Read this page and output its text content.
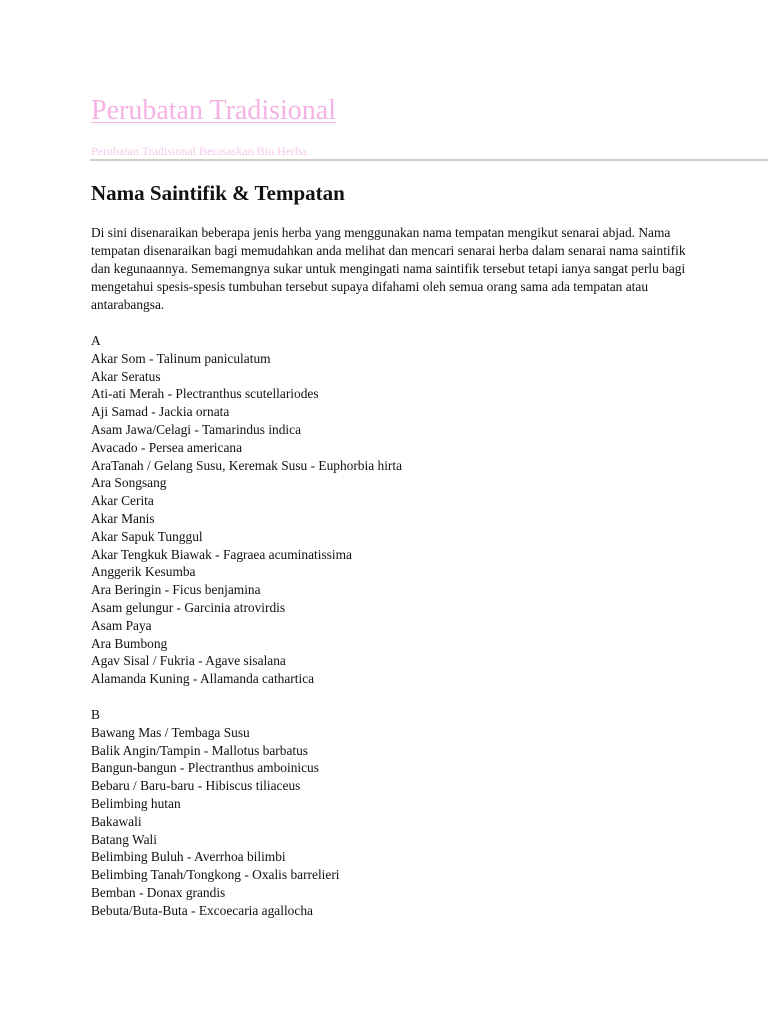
Perubatan Tradisional
Perubatan Tradisional Berasaskan Bio Herba
Nama Saintifik & Tempatan

Di sini disenaraikan beberapa jenis herba yang menggunakan nama tempatan mengikut senarai abjad. Nama tempatan disenaraikan bagi memudahkan anda melihat dan mencari senarai herba dalam senarai nama saintifik dan kegunaannya. Sememangnya sukar untuk mengingati nama saintifik tersebut tetapi ianya sangat perlu bagi mengetahui spesis-spesis tumbuhan tersebut supaya difahami oleh semua orang sama ada tempatan atau antarabangsa.

A
Akar Som - Talinum paniculatum
Akar Seratus
Ati-ati Merah - Plectranthus scutellariodes
Aji Samad - Jackia ornata
Asam Jawa/Celagi - Tamarindus indica
Avacado - Persea americana
AraTanah / Gelang Susu, Keremak Susu - Euphorbia hirta
Ara Songsang
Akar Cerita
Akar Manis
Akar Sapuk Tunggul
Akar Tengkuk Biawak - Fagraea acuminatissima
Anggerik Kesumba
Ara Beringin - Ficus benjamina
Asam gelungur - Garcinia atrovirdis
Asam Paya
Ara Bumbong
Agav Sisal / Fukria - Agave sisalana
Alamanda Kuning - Allamanda cathartica
B
Bawang Mas / Tembaga Susu
Balik Angin/Tampin - Mallotus barbatus
Bangun-bangun - Plectranthus amboinicus
Bebaru / Baru-baru - Hibiscus tiliaceus
Belimbing hutan
Bakawali
Batang Wali
Belimbing Buluh - Averrhoa bilimbi
Belimbing Tanah/Tongkong - Oxalis barrelieri
Bemban - Donax grandis
Bebuta/Buta-Buta - Excoecaria agallocha
